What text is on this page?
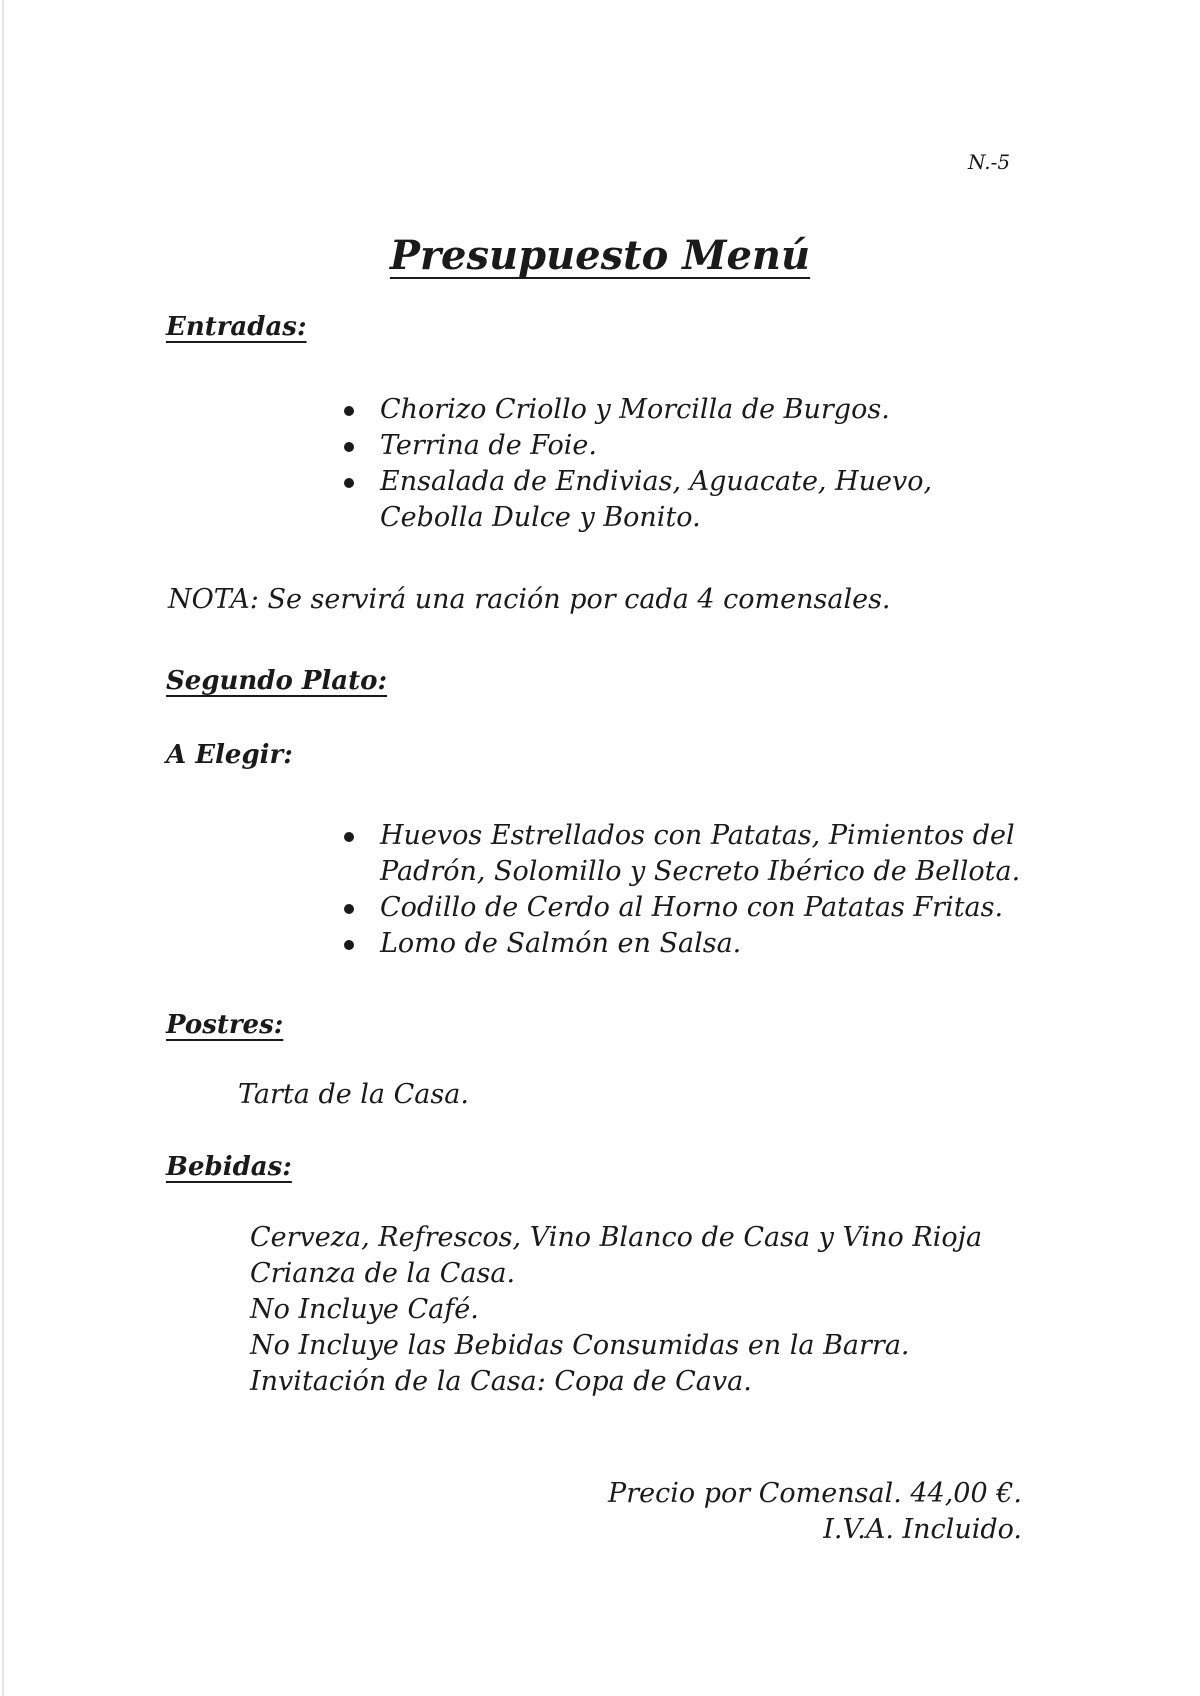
N.-5
Presupuesto Menú
Entradas:
Chorizo Criollo y Morcilla de Burgos.
Terrina de Foie.
Ensalada de Endivias, Aguacate, Huevo, Cebolla Dulce y Bonito.
NOTA: Se servirá una ración por cada 4 comensales.
Segundo Plato:
A Elegir:
Huevos Estrellados con Patatas, Pimientos del Padrón, Solomillo y Secreto Ibérico de Bellota.
Codillo de Cerdo al Horno con Patatas Fritas.
Lomo de Salmón en Salsa.
Postres:
Tarta de la Casa.
Bebidas:
Cerveza, Refrescos, Vino Blanco de Casa y Vino Rioja Crianza de la Casa.
No Incluye Café.
No Incluye las Bebidas Consumidas en la Barra.
Invitación de la Casa: Copa de Cava.
Precio por Comensal. 44,00 €.
I.V.A. Incluido.
